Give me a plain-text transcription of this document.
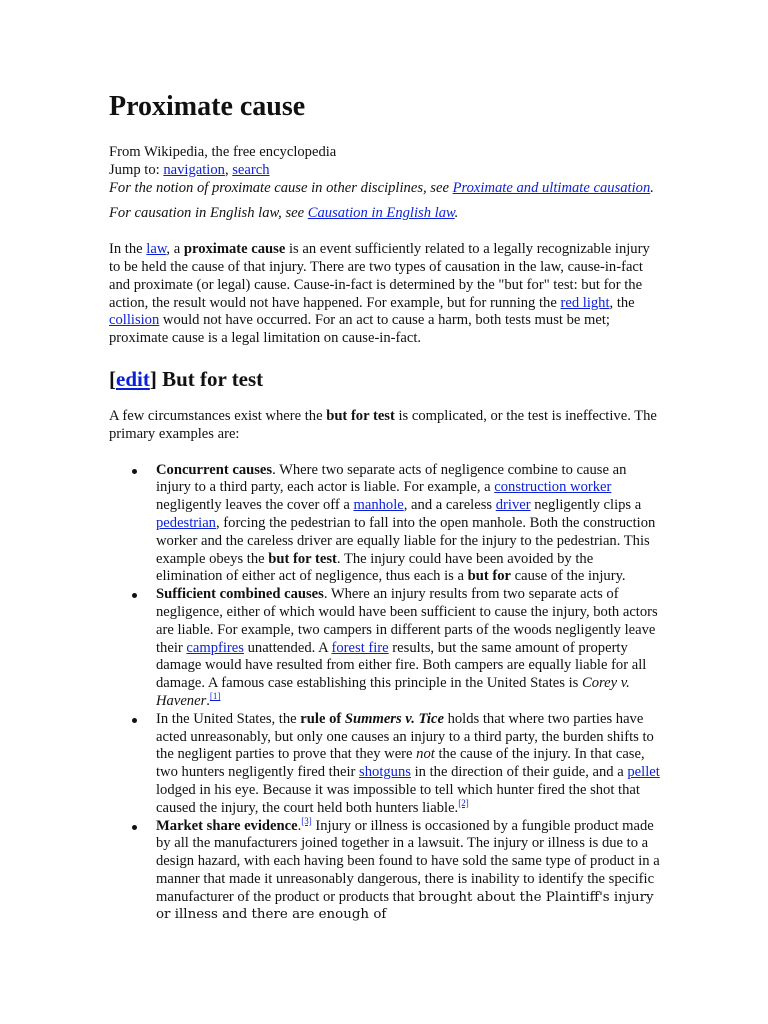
Proximate cause

From Wikipedia, the free encyclopedia

Jump to: navigation, search

For the notion of proximate cause in other disciplines, see Proximate and ultimate causation.

For causation in English law, see Causation in English law.

In the law, a proximate cause is an event sufficiently related to a legally recognizable injury to be held the cause of that injury. There are two types of causation in the law, cause-in-fact and proximate (or legal) cause. Cause-in-fact is determined by the "but for" test: but for the action, the result would not have happened. For example, but for running the red light, the collision would not have occurred. For an act to cause a harm, both tests must be met; proximate cause is a legal limitation on cause-in-fact.

[edit] But for test

A few circumstances exist where the but for test is complicated, or the test is ineffective. The primary examples are:

Concurrent causes. Where two separate acts of negligence combine to cause an injury to a third party, each actor is liable. For example, a construction worker negligently leaves the cover off a manhole, and a careless driver negligently clips a pedestrian, forcing the pedestrian to fall into the open manhole. Both the construction worker and the careless driver are equally liable for the injury to the pedestrian. This example obeys the but for test. The injury could have been avoided by the elimination of either act of negligence, thus each is a but for cause of the injury.
Sufficient combined causes. Where an injury results from two separate acts of negligence, either of which would have been sufficient to cause the injury, both actors are liable. For example, two campers in different parts of the woods negligently leave their campfires unattended. A forest fire results, but the same amount of property damage would have resulted from either fire. Both campers are equally liable for all damage. A famous case establishing this principle in the United States is Corey v. Havener.[1]
In the United States, the rule of Summers v. Tice holds that where two parties have acted unreasonably, but only one causes an injury to a third party, the burden shifts to the negligent parties to prove that they were not the cause of the injury. In that case, two hunters negligently fired their shotguns in the direction of their guide, and a pellet lodged in his eye. Because it was impossible to tell which hunter fired the shot that caused the injury, the court held both hunters liable.[2]
Market share evidence.[3] Injury or illness is occasioned by a fungible product made by all the manufacturers joined together in a lawsuit. The injury or illness is due to a design hazard, with each having been found to have sold the same type of product in a manner that made it unreasonably dangerous, there is inability to identify the specific manufacturer of the product or products that brought about the Plaintiff's injury or illness and there are enough of
